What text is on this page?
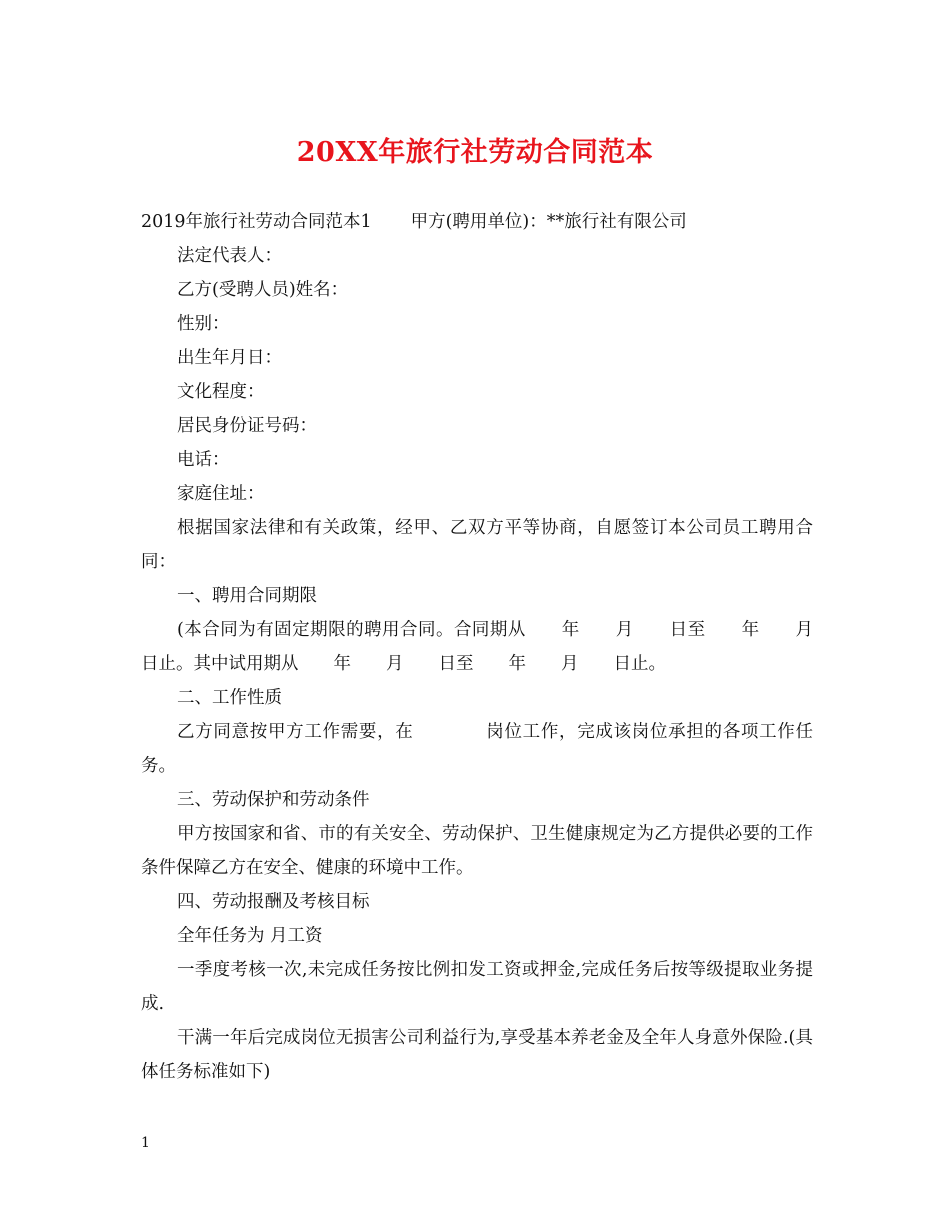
20XX年旅行社劳动合同范本

2019年旅行社劳动合同范本1       甲方(聘用单位)：**旅行社有限公司

法定代表人：

乙方(受聘人员)姓名：

性别：

出生年月日：

文化程度：

居民身份证号码：

电话：

家庭住址：

根据国家法律和有关政策，经甲、乙双方平等协商，自愿签订本公司员工聘用合同：

一、聘用合同期限

(本合同为有固定期限的聘用合同。合同期从　　年　　月　　日至　　年　　月日止。其中试用期从　　年　　月　　日至　　年　　月　　日止。

二、工作性质

乙方同意按甲方工作需要，在　　　　岗位工作，完成该岗位承担的各项工作任务。

三、劳动保护和劳动条件

甲方按国家和省、市的有关安全、劳动保护、卫生健康规定为乙方提供必要的工作条件保障乙方在安全、健康的环境中工作。

四、劳动报酬及考核目标

全年任务为 月工资

一季度考核一次,未完成任务按比例扣发工资或押金,完成任务后按等级提取业务提成.

干满一年后完成岗位无损害公司利益行为,享受基本养老金及全年人身意外保险.(具体任务标准如下)

1
